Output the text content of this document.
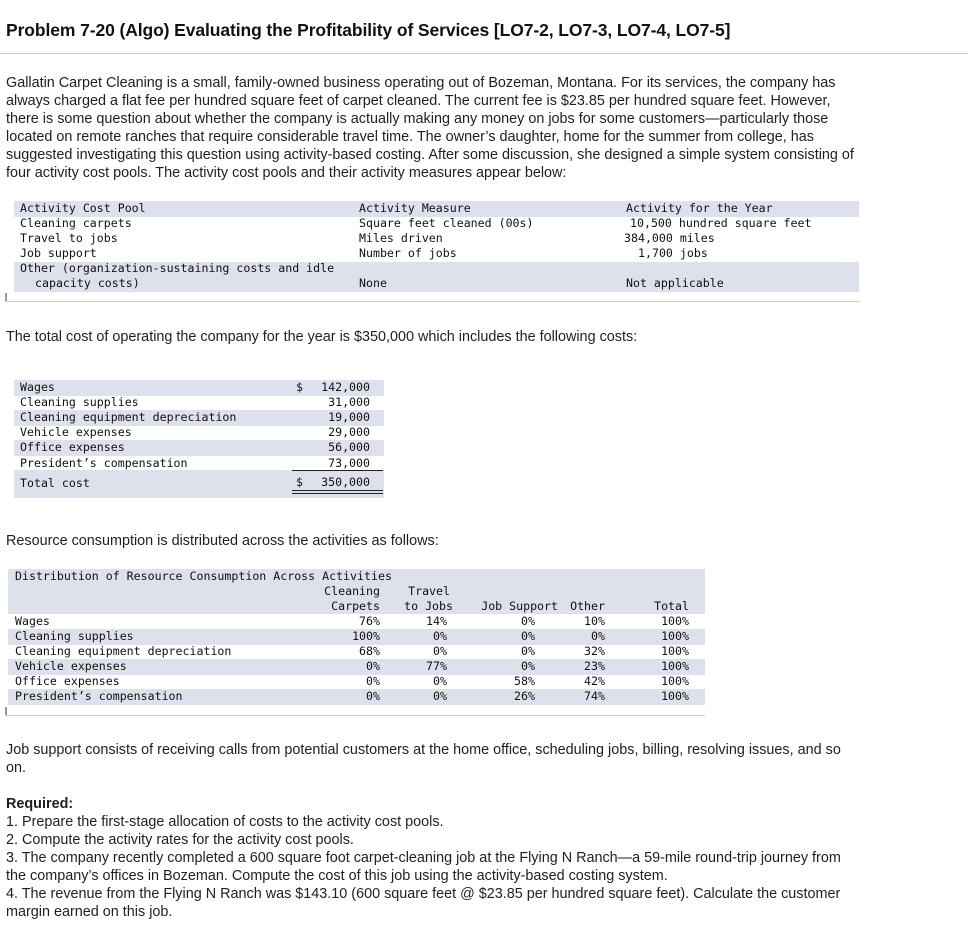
Problem 7-20 (Algo) Evaluating the Profitability of Services [LO7-2, LO7-3, LO7-4, LO7-5]
Gallatin Carpet Cleaning is a small, family-owned business operating out of Bozeman, Montana. For its services, the company has
always charged a flat fee per hundred square feet of carpet cleaned. The current fee is $23.85 per hundred square feet. However,
there is some question about whether the company is actually making any money on jobs for some customers—particularly those
located on remote ranches that require considerable travel time. The owner’s daughter, home for the summer from college, has
suggested investigating this question using activity-based costing. After some discussion, she designed a simple system consisting of
four activity cost pools. The activity cost pools and their activity measures appear below:
Activity Cost Pool	Activity Measure	Activity for the Year
Cleaning carpets	Square feet cleaned (00s)	10,500 hundred square feet
Travel to jobs	Miles driven	384,000 miles
Job support	Number of jobs	1,700 jobs
Other (organization-sustaining costs and idle
capacity costs)	None	Not applicable
The total cost of operating the company for the year is $350,000 which includes the following costs:
Wages	$	142,000
Cleaning supplies	31,000
Cleaning equipment depreciation	19,000
Vehicle expenses	29,000
Office expenses	56,000
President’s compensation	73,000
Total cost	$	350,000
Resource consumption is distributed across the activities as follows:
Distribution of Resource Consumption Across Activities
Cleaning	Travel
Carpets	to Jobs	Job Support	Other	Total
Wages	76%	14%	0%	10%	100%
Cleaning supplies	100%	0%	0%	0%	100%
Cleaning equipment depreciation	68%	0%	0%	32%	100%
Vehicle expenses	0%	77%	0%	23%	100%
Office expenses	0%	0%	58%	42%	100%
President’s compensation	0%	0%	26%	74%	100%
Job support consists of receiving calls from potential customers at the home office, scheduling jobs, billing, resolving issues, and so
on.
Required:
1. Prepare the first-stage allocation of costs to the activity cost pools.
2. Compute the activity rates for the activity cost pools.
3. The company recently completed a 600 square foot carpet-cleaning job at the Flying N Ranch—a 59-mile round-trip journey from
the company’s offices in Bozeman. Compute the cost of this job using the activity-based costing system.
4. The revenue from the Flying N Ranch was $143.10 (600 square feet @ $23.85 per hundred square feet). Calculate the customer
margin earned on this job.
